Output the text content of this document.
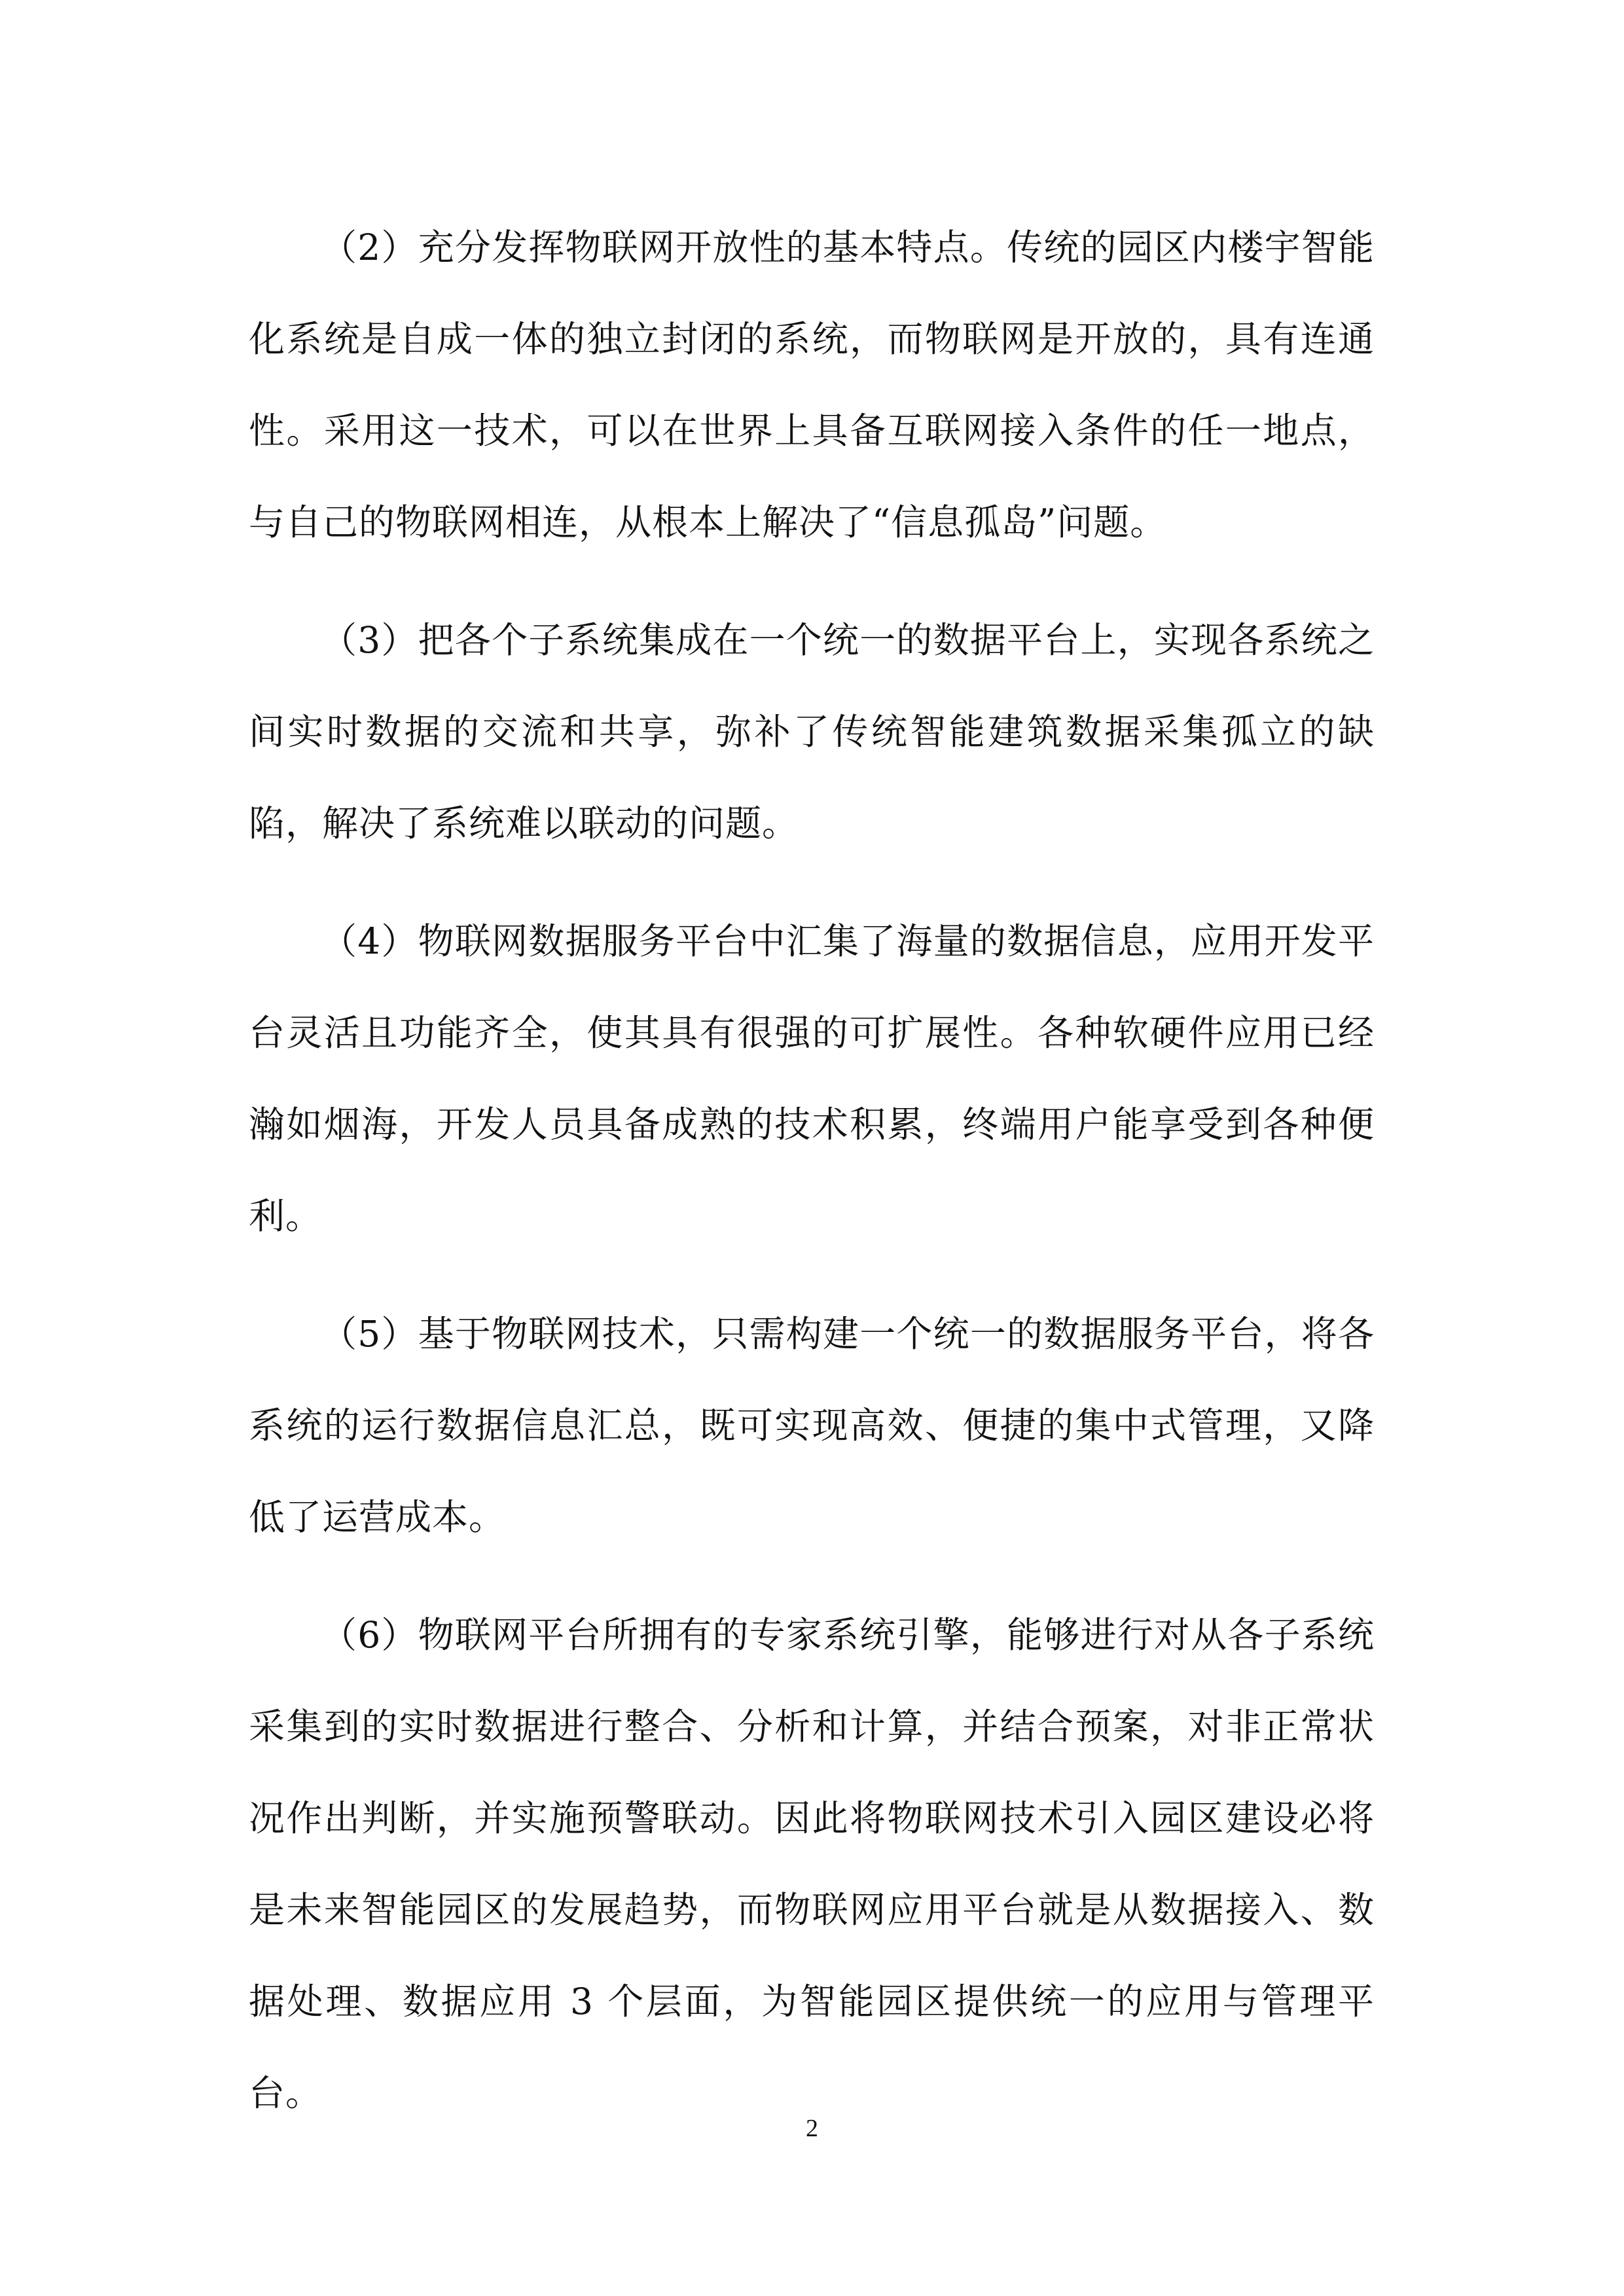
（2）充分发挥物联网开放性的基本特点。传统的园区内楼宇智能化系统是自成一体的独立封闭的系统，而物联网是开放的，具有连通性。采用这一技术，可以在世界上具备互联网接入条件的任一地点，与自己的物联网相连，从根本上解决了“信息孤岛”问题。

（3）把各个子系统集成在一个统一的数据平台上，实现各系统之间实时数据的交流和共享，弥补了传统智能建筑数据采集孤立的缺陷，解决了系统难以联动的问题。

（4）物联网数据服务平台中汇集了海量的数据信息，应用开发平台灵活且功能齐全，使其具有很强的可扩展性。各种软硬件应用已经瀚如烟海，开发人员具备成熟的技术积累，终端用户能享受到各种便利。

（5）基于物联网技术，只需构建一个统一的数据服务平台，将各系统的运行数据信息汇总，既可实现高效、便捷的集中式管理，又降低了运营成本。

（6）物联网平台所拥有的专家系统引擎，能够进行对从各子系统采集到的实时数据进行整合、分析和计算，并结合预案，对非正常状况作出判断，并实施预警联动。因此将物联网技术引入园区建设必将是未来智能园区的发展趋势，而物联网应用平台就是从数据接入、数据处理、数据应用 3 个层面，为智能园区提供统一的应用与管理平台。

2
